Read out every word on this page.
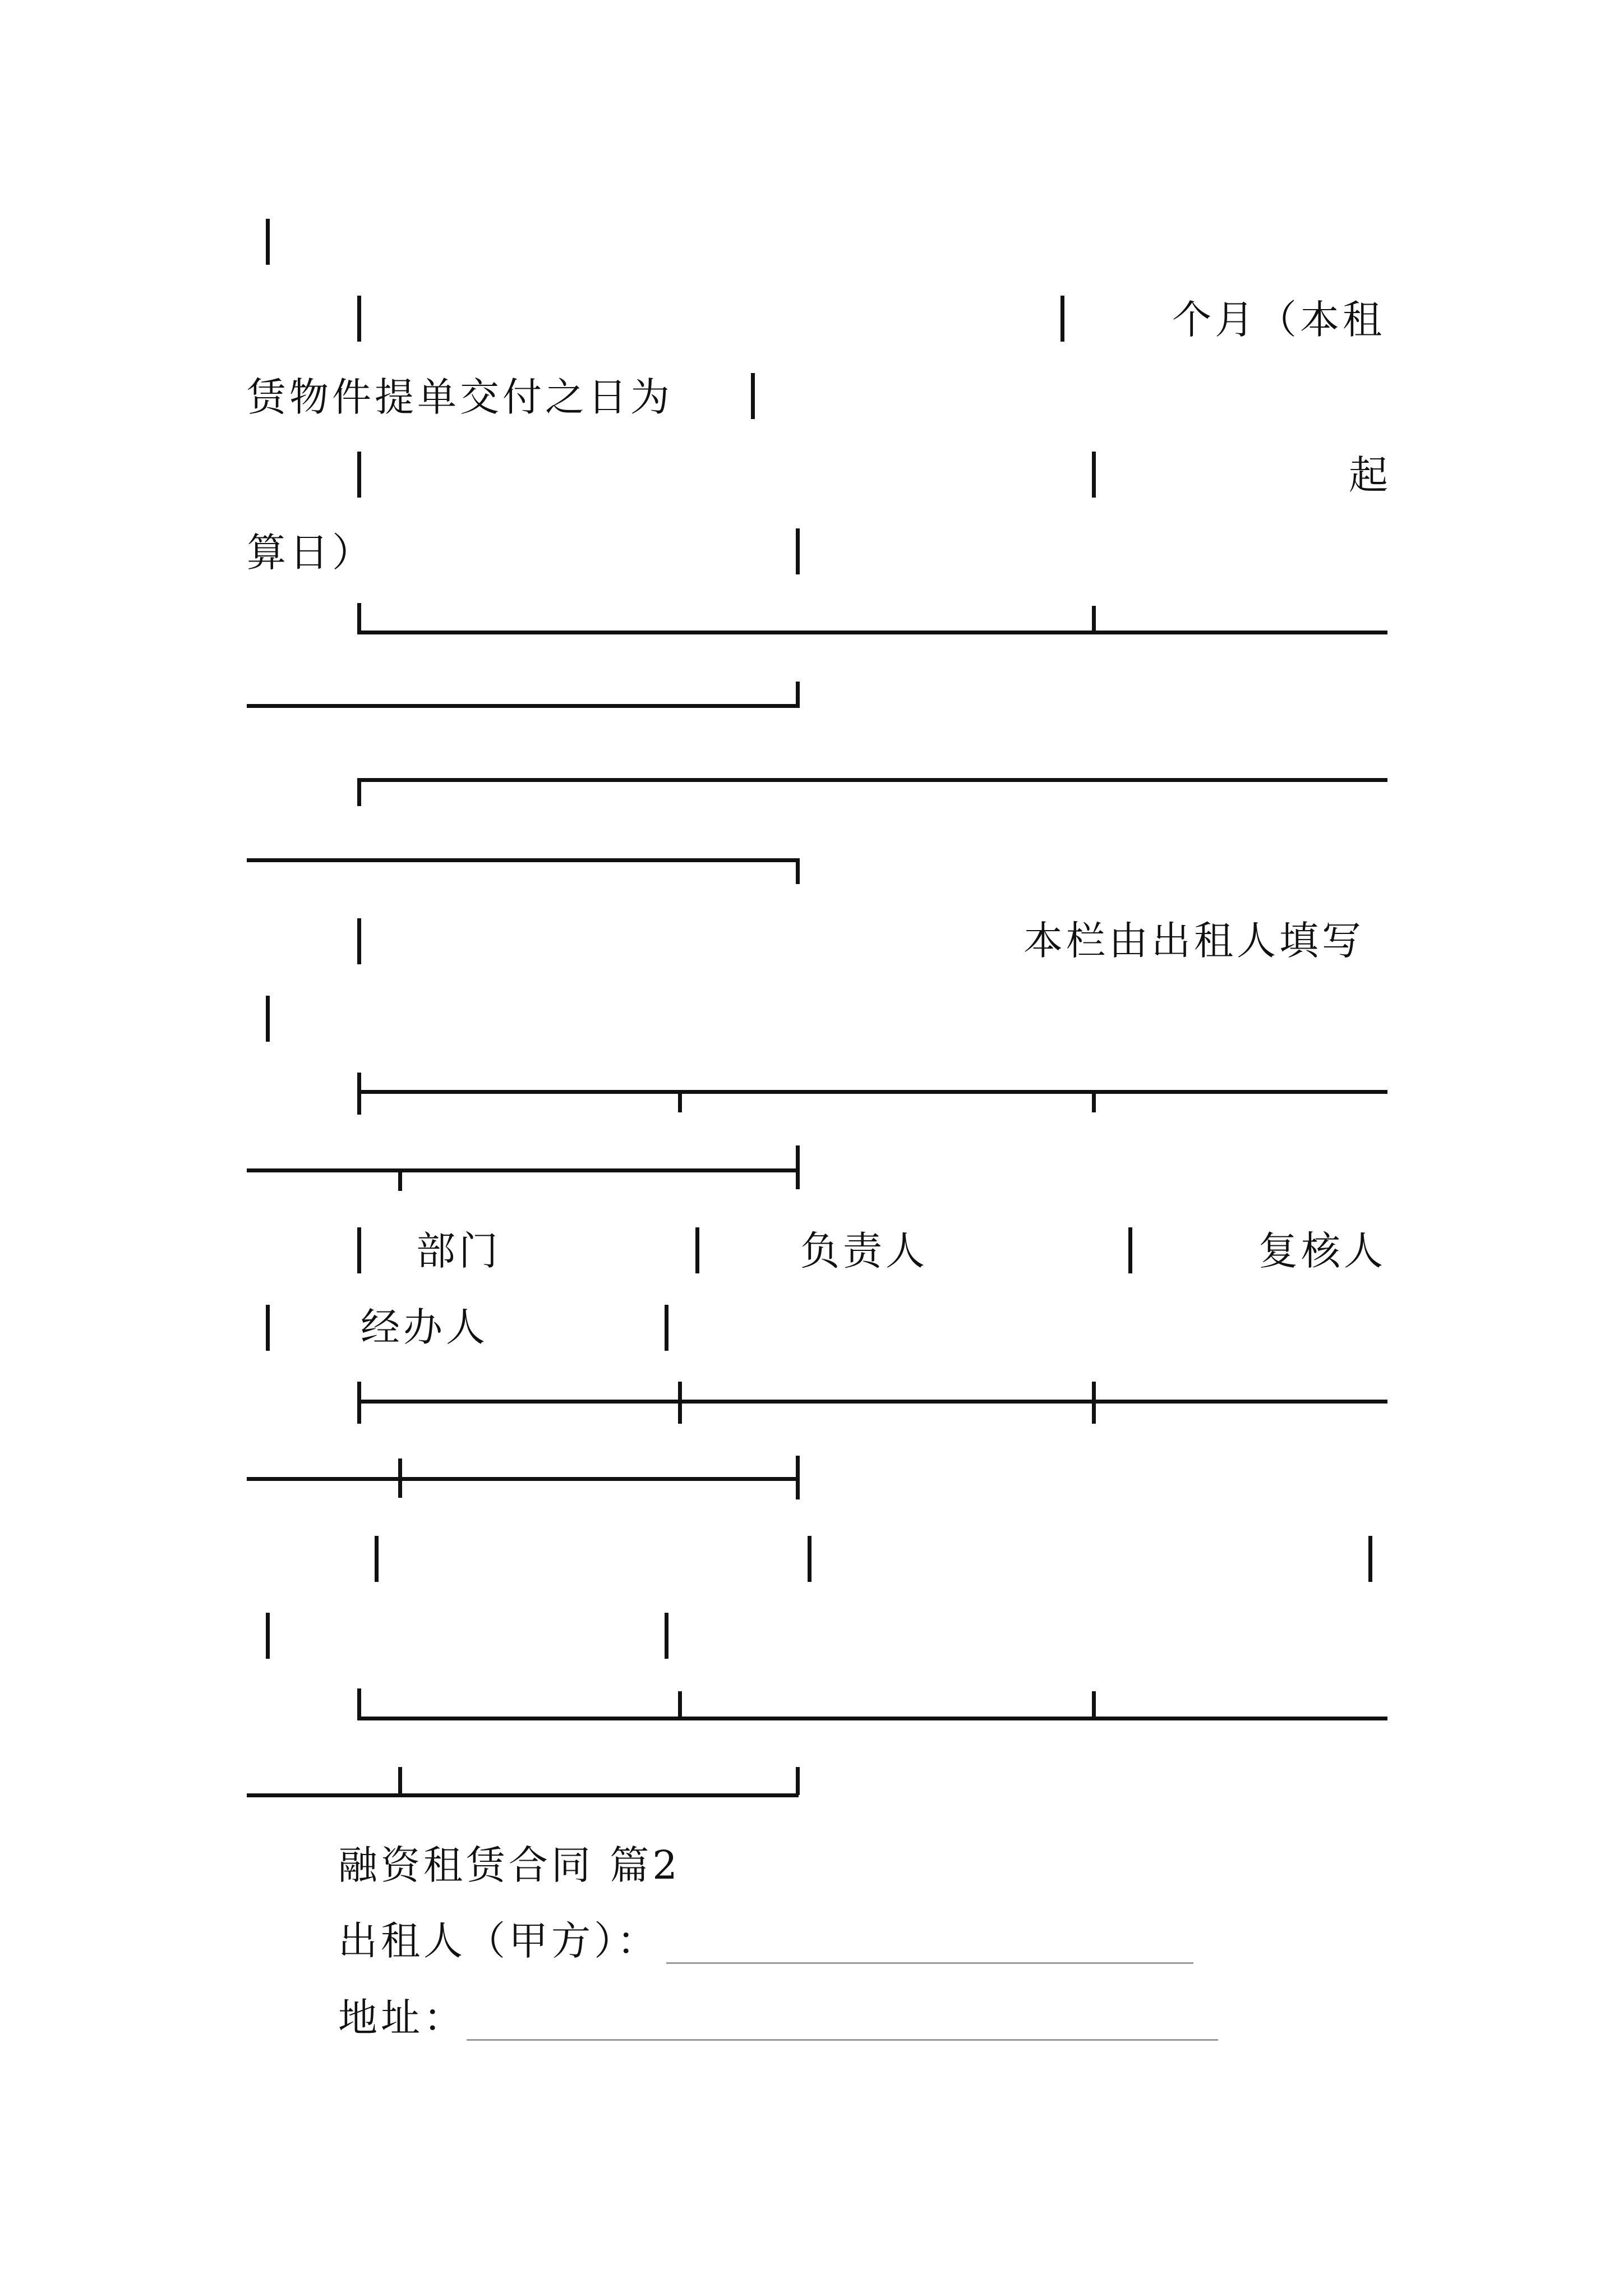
个月（本租
赁物件提单交付之日为
起
算日）
本栏由出租人填写
部门	负责人	复核人
经办人
融资租赁合同 篇2
出租人（甲方）：
地址：
